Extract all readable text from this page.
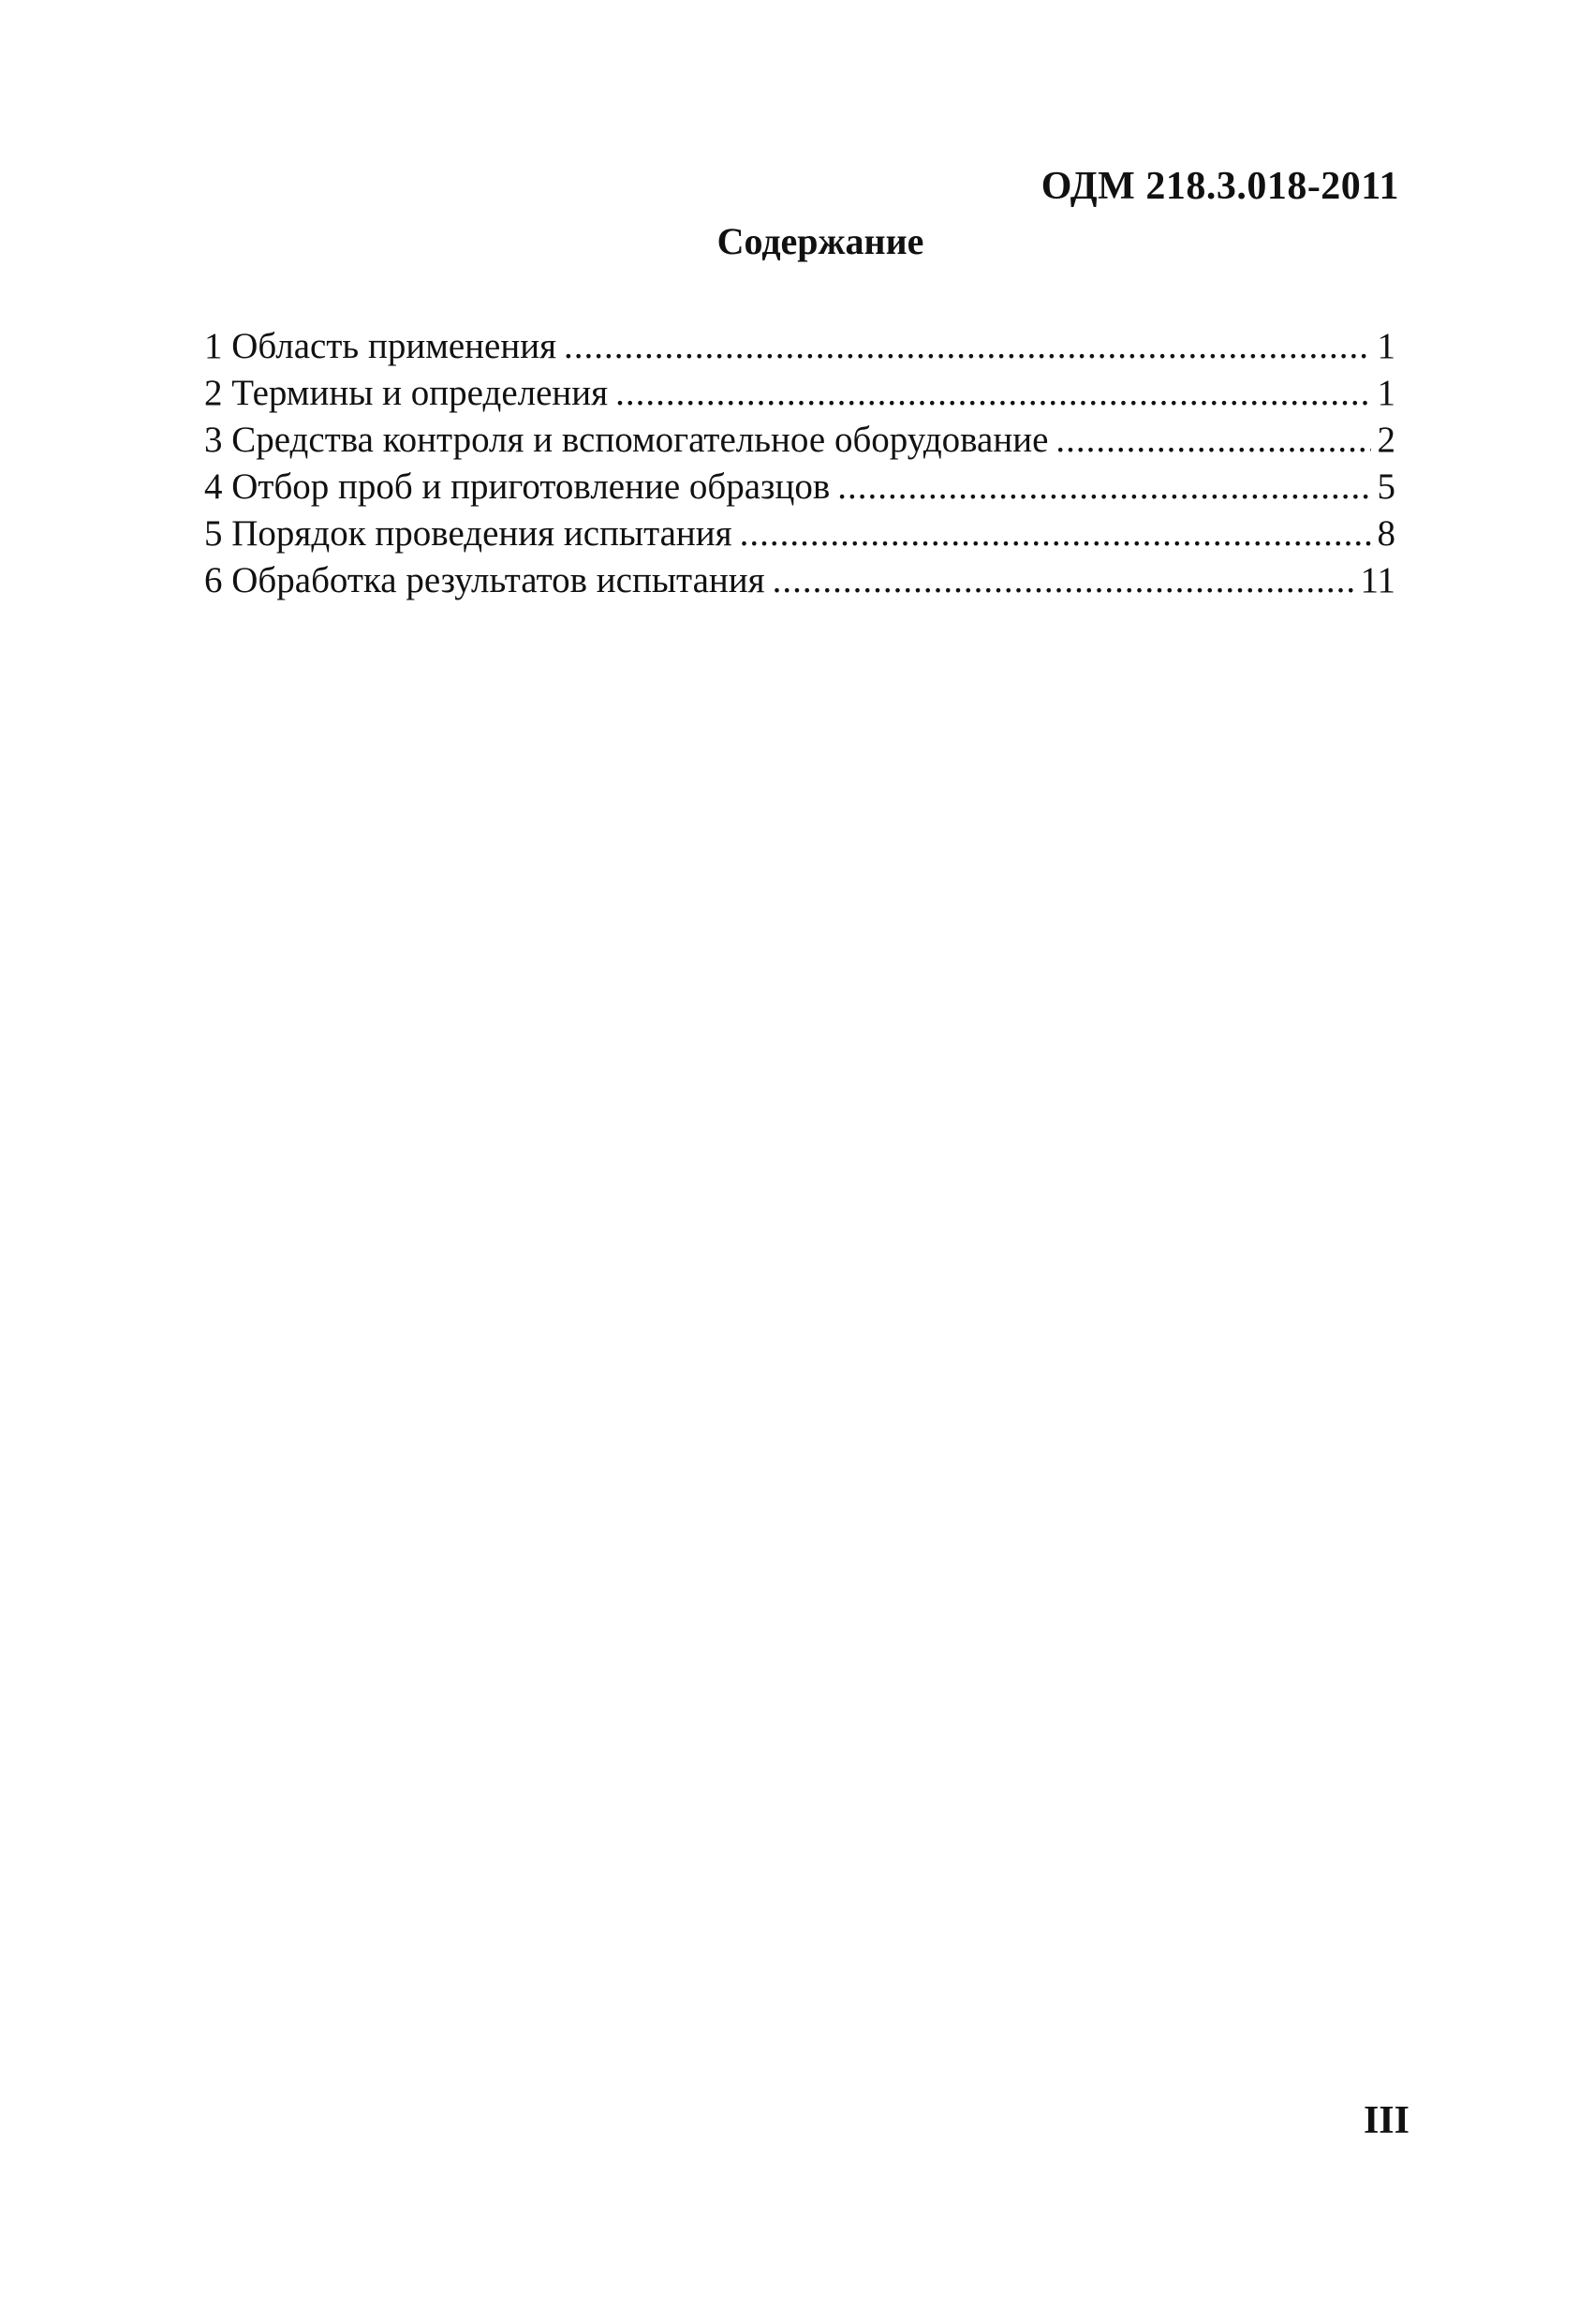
ОДМ 218.3.018-2011
Содержание
1 Область применения .....	1
2 Термины и определения .....	1
3 Средства контроля и вспомогательное оборудование .....	2
4 Отбор проб и приготовление образцов .....	5
5 Порядок проведения испытания .....	8
6 Обработка результатов испытания .....	11
III
